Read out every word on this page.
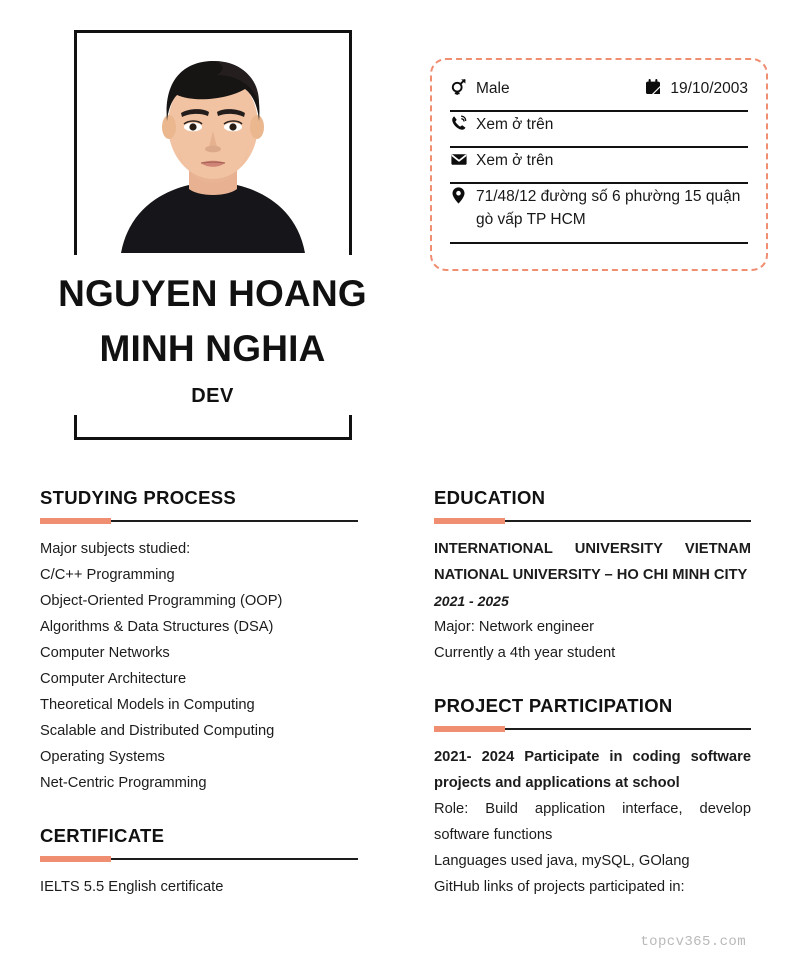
NGUYEN HOANG
MINH NGHIA
DEV
Male	19/10/2003
Xem ở trên
Xem ở trên
71/48/12 đường số 6 phường 15 quận gò vấp TP HCM
STUDYING PROCESS
Major subjects studied:
C/C++ Programming
Object-Oriented Programming (OOP)
Algorithms & Data Structures (DSA)
Computer Networks
Computer Architecture
Theoretical Models in Computing
Scalable and Distributed Computing
Operating Systems
Net-Centric Programming
CERTIFICATE
IELTS 5.5 English certificate
EDUCATION
INTERNATIONAL UNIVERSITY VIETNAM NATIONAL UNIVERSITY – HO CHI MINH CITY
2021 - 2025
Major: Network engineer
Currently a 4th year student
PROJECT PARTICIPATION
2021- 2024 Participate in coding software projects and applications at school
Role: Build application interface, develop software functions
Languages used java, mySQL, GOlang
GitHub links of projects participated in:
topcv365.com
